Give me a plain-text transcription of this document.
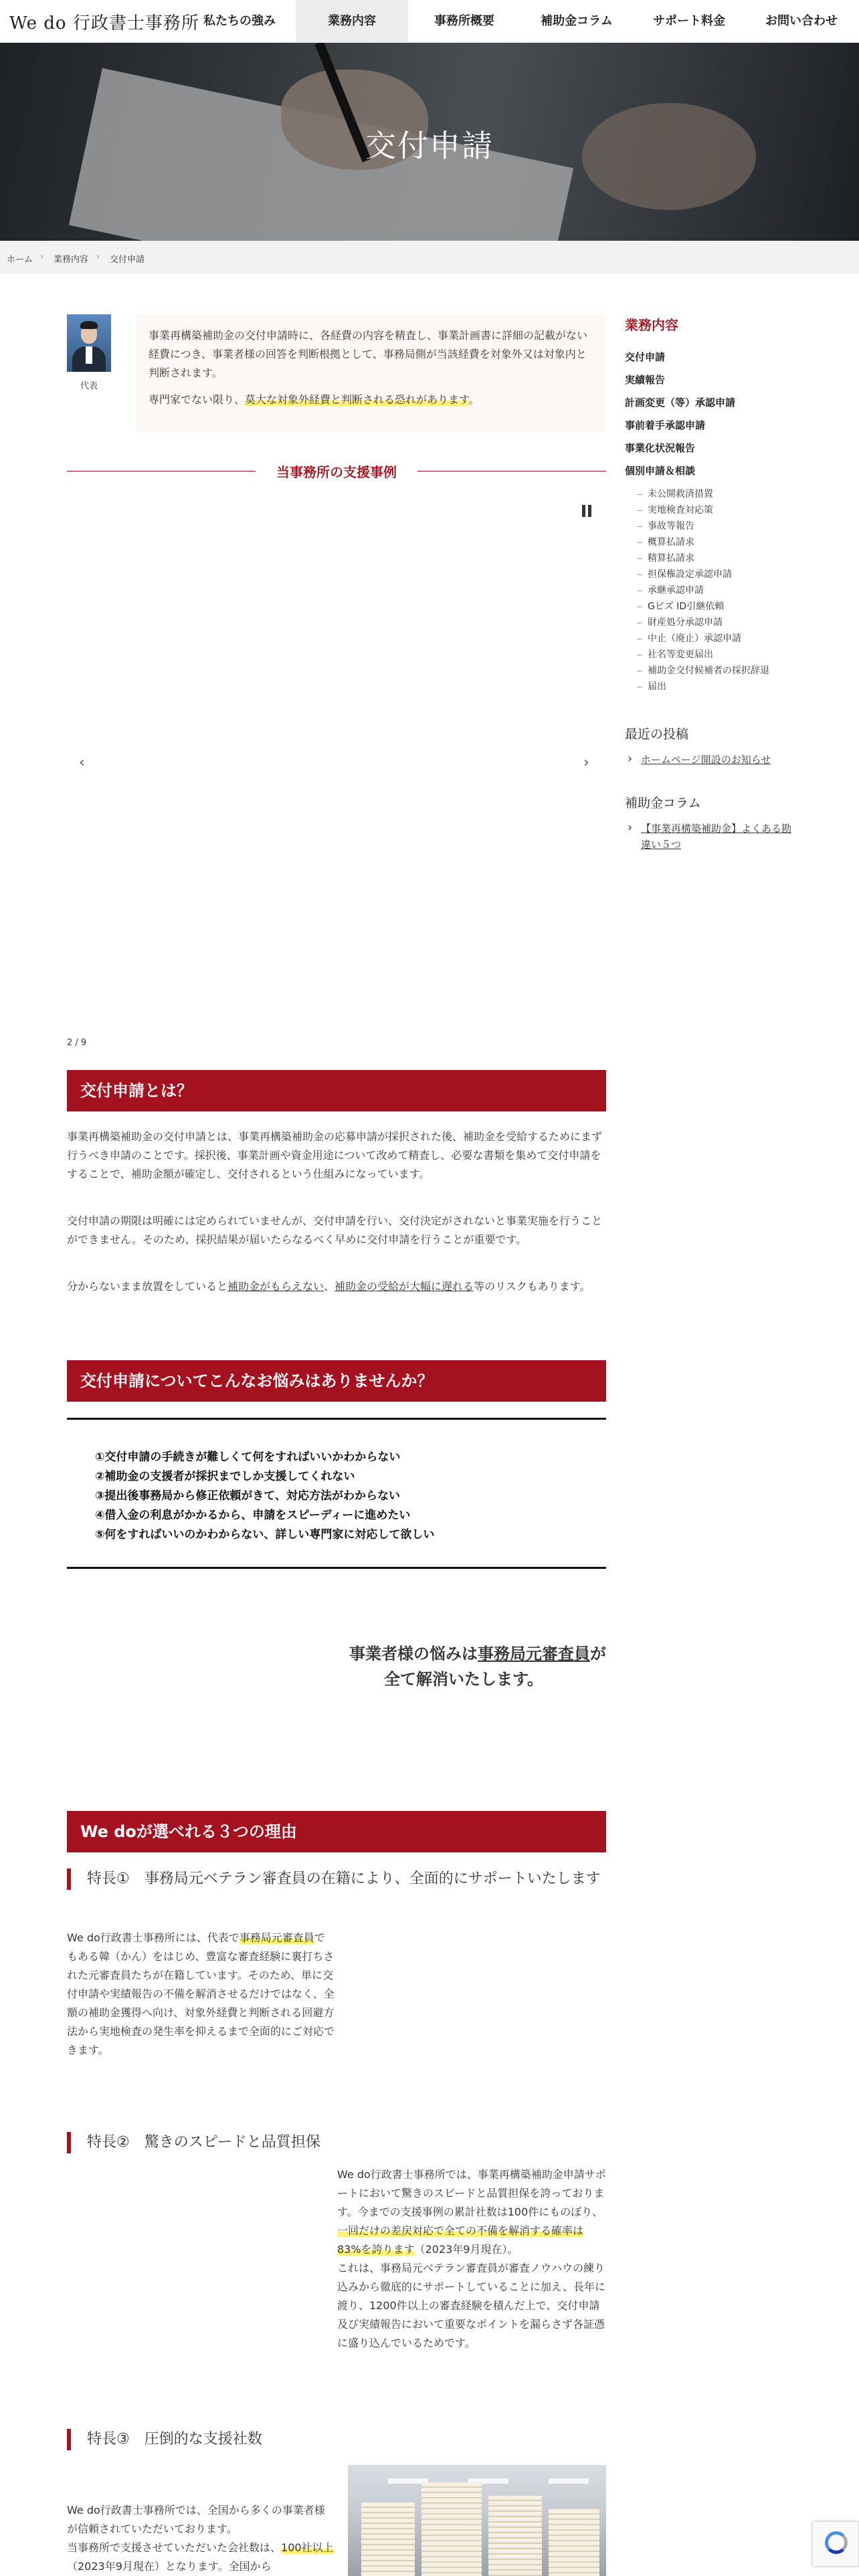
We do 行政書士事務所 私たちの強み	業務内容	事務所概要	補助金コラム	サポート料金	お問い合わせ
交付申請
ホーム › 業務内容 › 交付申請
代表

事業再構築補助金の交付申請時に、各経費の内容を精査し、事業計画書に詳細の記載がない経費につき、事業者様の回答を判断根拠として、事務局側が当該経費を対象外又は対象内と判断されます。

専門家でない限り、莫大な対象外経費と判断される恐れがあります。

当事務所の支援事例
‹	›
2 / 9
交付申請とは？

事業再構築補助金の交付申請とは、事業再構築補助金の応募申請が採択された後、補助金を受給するためにまず行うべき申請のことです。採択後、事業計画や資金用途について改めて精査し、必要な書類を集めて交付申請をすることで、補助金額が確定し、交付されるという仕組みになっています。

交付申請の期限は明確には定められていませんが、交付申請を行い、交付決定がされないと事業実施を行うことができません。そのため、採択結果が届いたらなるべく早めに交付申請を行うことが重要です。

分からないまま放置をしていると補助金がもらえない、補助金の受給が大幅に遅れる等のリスクもあります。

交付申請についてこんなお悩みはありませんか？
①交付申請の手続きが難しくて何をすればいいかわからない
②補助金の支援者が採択までしか支援してくれない
③提出後事務局から修正依頼がきて、対応方法がわからない
④借入金の利息がかかるから、申請をスピーディーに進めたい
⑤何をすればいいのかわからない、詳しい専門家に対応して欲しい
事業者様の悩みは事務局元審査員が
全て解消いたします。
We doが選べれる３つの理由
特長①　事務局元ベテラン審査員の在籍により、全面的にサポートいたします

We do行政書士事務所には、代表で事務局元審査員でもある韓（かん）をはじめ、豊富な審査経験に裏打ちされた元審査員たちが在籍しています。そのため、単に交付申請や実績報告の不備を解消させるだけではなく、全額の補助金獲得へ向け、対象外経費と判断される回避方法から実地検査の発生率を抑えるまで全面的にご対応できます。

特長②　驚きのスピードと品質担保

We do行政書士事務所では、事業再構築補助金申請サポートにおいて驚きのスピードと品質担保を誇っております。今までの支援事例の累計社数は100件にものぼり、一回だけの差戻対応で全ての不備を解消する確率は83%を誇ります（2023年9月現在）。
これは、事務局元ベテラン審査員が審査ノウハウの練り込みから徹底的にサポートしていることに加え、長年に渡り、1200件以上の審査経験を積んだ上で、交付申請及び実績報告において重要なポイントを漏らさず各証憑に盛り込んでいるためです。

特長③　圧倒的な支援社数

We do行政書士事務所では、全国から多くの事業者様が信頼されていただいております。
当事務所で支援させていただいた会社数は、100社以上（2023年9月現在）となります。全国から

業務内容
交付申請
実績報告
計画変更（等）承認申請
事前着手承認申請
事業化状況報告
個別申請＆相談
未公開救済措置
実地検査対応策
事故等報告
概算払請求
精算払請求
担保権設定承認申請
承継承認申請
Gビズ ID引継依頼
財産処分承認申請
中止（廃止）承認申請
社名等変更届出
補助金交付候補者の採択辞退
届出
最近の投稿
› ホームページ開設のお知らせ
補助金コラム
› 【事業再構築補助金】よくある勘違い５つ
